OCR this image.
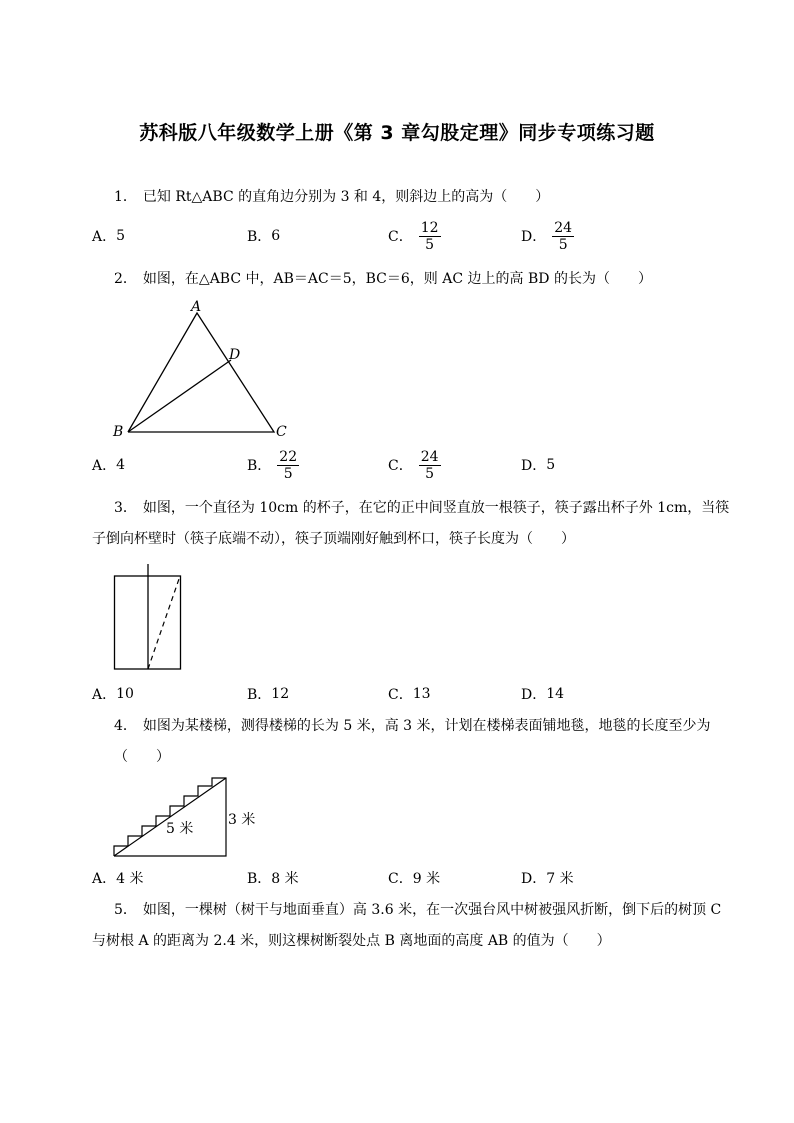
苏科版八年级数学上册《第 3 章勾股定理》同步专项练习题
1． 已知 Rt△ABC 的直角边分别为 3 和 4，则斜边上的高为（　　）
A． 5	B． 6	C． $\frac{12}{5}$	D． $\frac{24}{5}$
2． 如图，在△ABC 中，AB＝AC＝5，BC＝6，则 AC 边上的高 BD 的长为（　　）
A
D
B	C
A． 4	B． $\frac{22}{5}$	C． $\frac{24}{5}$	D． 5
3． 如图，一个直径为 10cm 的杯子，在它的正中间竖直放一根筷子，筷子露出杯子外 1cm，当筷
子倒向杯壁时（筷子底端不动），筷子顶端刚好触到杯口，筷子长度为（　　）
A． 10	B． 12	C． 13	D． 14
4． 如图为某楼梯，测得楼梯的长为 5 米，高 3 米，计划在楼梯表面铺地毯，地毯的长度至少为
（　　）
5 米
3 米
A． 4 米	B． 8 米	C． 9 米	D． 7 米
5． 如图，一棵树（树干与地面垂直）高 3.6 米，在一次强台风中树被强风折断，倒下后的树顶 C
与树根 A 的距离为 2.4 米，则这棵树断裂处点 B 离地面的高度 AB 的值为（　　）
